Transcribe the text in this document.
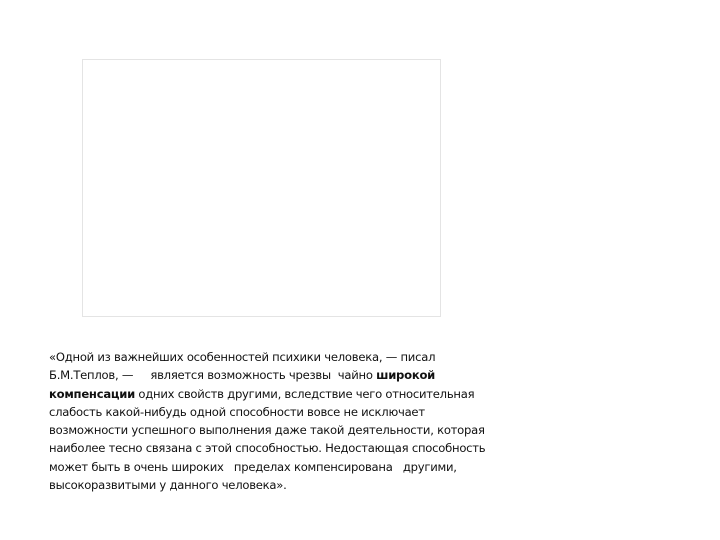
«Одной из важнейших особенностей психики человека, — писал
Б.М.Теплов, —     является возможность чрезвы  чайно широкой
компенсации одних свойств другими, вследствие чего относительная
слабость какой-нибудь одной способности вовсе не исключает
возможности успешного выполнения даже такой деятельности, которая
наиболее тесно связана с этой способностью. Недостающая способность
может быть в очень широких   пределах компенсирована   другими,
высокоразвитыми у данного человека».
